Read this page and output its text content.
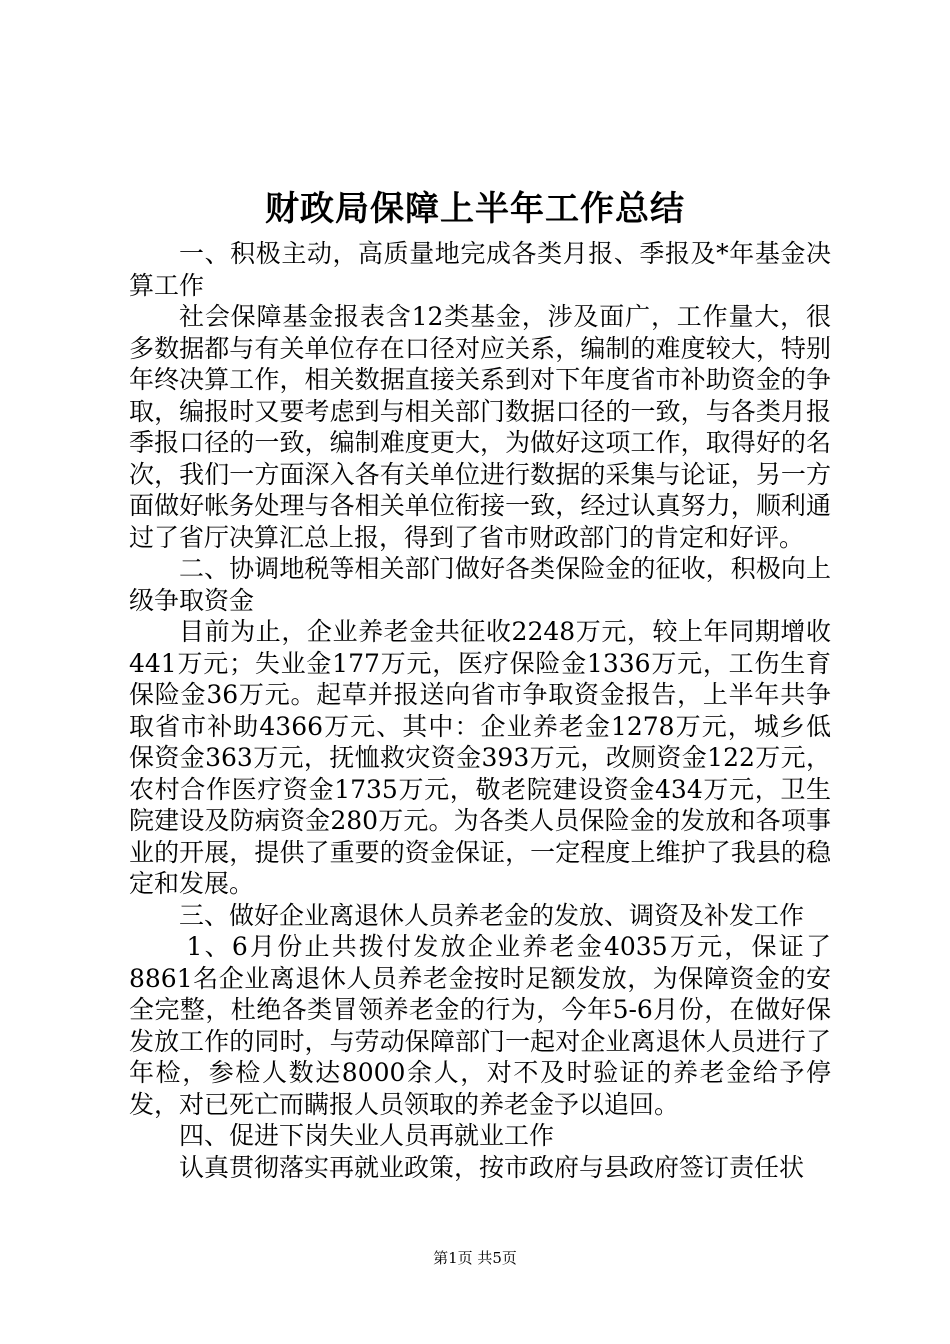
财政局保障上半年工作总结

一、积极主动，高质量地完成各类月报、季报及*年基金决算工作

社会保障基金报表含12类基金，涉及面广，工作量大，很多数据都与有关单位存在口径对应关系，编制的难度较大，特别年终决算工作，相关数据直接关系到对下年度省市补助资金的争取，编报时又要考虑到与相关部门数据口径的一致，与各类月报季报口径的一致，编制难度更大，为做好这项工作，取得好的名次，我们一方面深入各有关单位进行数据的采集与论证，另一方面做好帐务处理与各相关单位衔接一致，经过认真努力，顺利通过了省厅决算汇总上报，得到了省市财政部门的肯定和好评。

二、协调地税等相关部门做好各类保险金的征收，积极向上级争取资金

目前为止，企业养老金共征收2248万元，较上年同期增收441万元；失业金177万元，医疗保险金1336万元，工伤生育保险金36万元。起草并报送向省市争取资金报告，上半年共争取省市补助4366万元、其中：企业养老金1278万元，城乡低保资金363万元，抚恤救灾资金393万元，改厕资金122万元，农村合作医疗资金1735万元，敬老院建设资金434万元，卫生院建设及防病资金280万元。为各类人员保险金的发放和各项事业的开展，提供了重要的资金保证，一定程度上维护了我县的稳定和发展。

三、做好企业离退休人员养老金的发放、调资及补发工作

1、6月份止共拨付发放企业养老金4035万元，保证了8861名企业离退休人员养老金按时足额发放，为保障资金的安全完整，杜绝各类冒领养老金的行为，今年5-6月份，在做好保发放工作的同时，与劳动保障部门一起对企业离退休人员进行了年检，参检人数达8000余人，对不及时验证的养老金给予停发，对已死亡而瞒报人员领取的养老金予以追回。

四、促进下岗失业人员再就业工作

认真贯彻落实再就业政策，按市政府与县政府签订责任状

第1页 共5页
